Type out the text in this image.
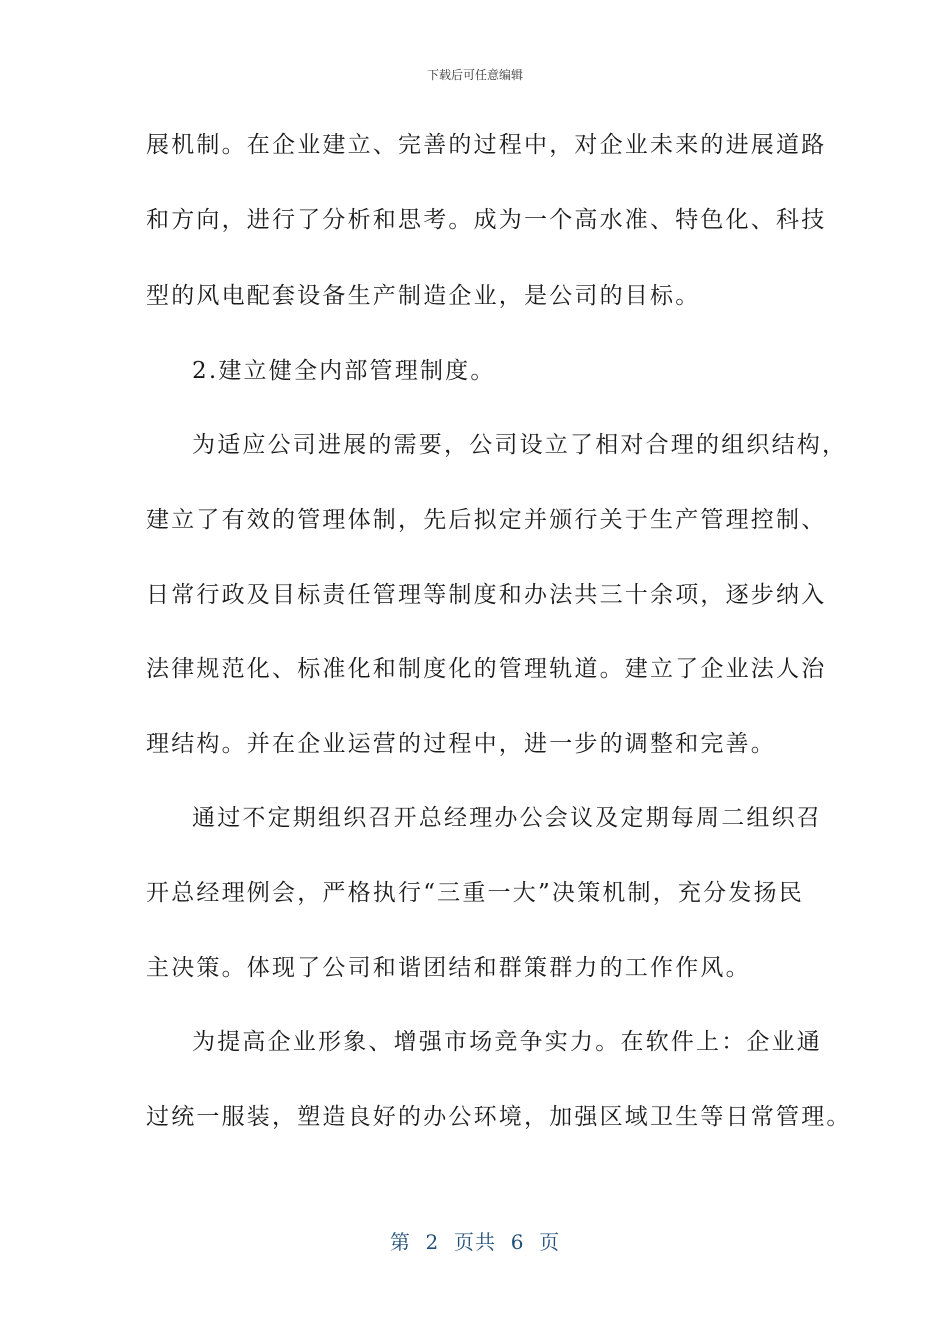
下载后可任意编辑
展机制。在企业建立、完善的过程中，对企业未来的进展道路
和方向，进行了分析和思考。成为一个高水准、特色化、科技
型的风电配套设备生产制造企业，是公司的目标。
2.建立健全内部管理制度。
为适应公司进展的需要，公司设立了相对合理的组织结构，
建立了有效的管理体制，先后拟定并颁行关于生产管理控制、
日常行政及目标责任管理等制度和办法共三十余项，逐步纳入
法律规范化、标准化和制度化的管理轨道。建立了企业法人治
理结构。并在企业运营的过程中，进一步的调整和完善。
通过不定期组织召开总经理办公会议及定期每周二组织召
开总经理例会，严格执行“三重一大”决策机制，充分发扬民
主决策。体现了公司和谐团结和群策群力的工作作风。
为提高企业形象、增强市场竞争实力。在软件上：企业通
过统一服装，塑造良好的办公环境，加强区域卫生等日常管理。
第  2  页共  6  页
